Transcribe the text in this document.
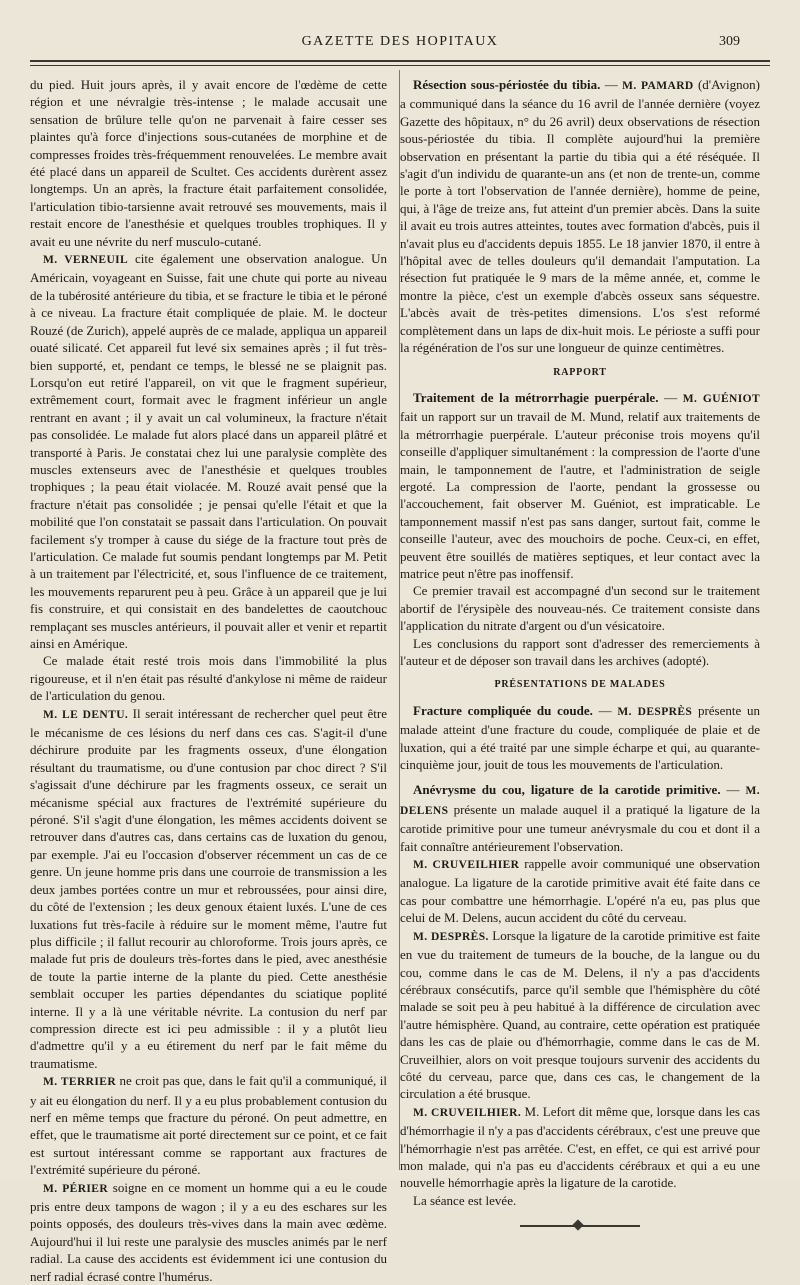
GAZETTE DES HOPITAUX	309

du pied. Huit jours après, il y avait encore de l'œdème de cette région et une névralgie très-intense ; le malade accusait une sensation de brûlure telle qu'on ne parvenait à faire cesser ses plaintes qu'à force d'injections sous-cutanées de morphine et de compresses froides très-fréquemment renouvelées. Le membre avait été placé dans un appareil de Scultet. Ces accidents durèrent assez longtemps. Un an après, la fracture était parfaitement consolidée, l'articulation tibio-tarsienne avait retrouvé ses mouvements, mais il restait encore de l'anesthésie et quelques troubles trophiques. Il y avait eu une névrite du nerf musculo-cutané.

M. VERNEUIL cite également une observation analogue. Un Américain, voyageant en Suisse, fait une chute qui porte au niveau de la tubérosité antérieure du tibia, et se fracture le tibia et le péroné à ce niveau. La fracture était compliquée de plaie. M. le docteur Rouzé (de Zurich), appelé auprès de ce malade, appliqua un appareil ouaté silicaté. Cet appareil fut levé six semaines après ; il fut très-bien supporté, et, pendant ce temps, le blessé ne se plaignit pas. Lorsqu'on eut retiré l'appareil, on vit que le fragment supérieur, extrêmement court, formait avec le fragment inférieur un angle rentrant en avant ; il y avait un cal volumineux, la fracture n'était pas consolidée. Le malade fut alors placé dans un appareil plâtré et transporté à Paris. Je constatai chez lui une paralysie complète des muscles extenseurs avec de l'anesthésie et quelques troubles trophiques ; la peau était violacée. M. Rouzé avait pensé que la fracture n'était pas consolidée ; je pensai qu'elle l'était et que la mobilité que l'on constatait se passait dans l'articulation. On pouvait facilement s'y tromper à cause du siége de la fracture tout près de l'articulation. Ce malade fut soumis pendant longtemps par M. Petit à un traitement par l'électricité, et, sous l'influence de ce traitement, les mouvements reparurent peu à peu. Grâce à un appareil que je lui fis construire, et qui consistait en des bandelettes de caoutchouc remplaçant ses muscles antérieurs, il pouvait aller et venir et repartit ainsi en Amérique.

Ce malade était resté trois mois dans l'immobilité la plus rigoureuse, et il n'en était pas résulté d'ankylose ni même de raideur de l'articulation du genou.

M. LE DENTU. Il serait intéressant de rechercher quel peut être le mécanisme de ces lésions du nerf dans ces cas. S'agit-il d'une déchirure produite par les fragments osseux, d'une élongation résultant du traumatisme, ou d'une contusion par choc direct ? S'il s'agissait d'une déchirure par les fragments osseux, ce serait un mécanisme spécial aux fractures de l'extrémité supérieure du péroné. S'il s'agit d'une élongation, les mêmes accidents doivent se retrouver dans d'autres cas, dans certains cas de luxation du genou, par exemple. J'ai eu l'occasion d'observer récemment un cas de ce genre. Un jeune homme pris dans une courroie de transmission a les deux jambes portées contre un mur et rebroussées, pour ainsi dire, du côté de l'extension ; les deux genoux étaient luxés. L'une de ces luxations fut très-facile à réduire sur le moment même, l'autre fut plus difficile ; il fallut recourir au chloroforme. Trois jours après, ce malade fut pris de douleurs très-fortes dans le pied, avec anesthésie de toute la partie interne de la plante du pied. Cette anesthésie semblait occuper les parties dépendantes du sciatique poplité interne. Il y a là une véritable névrite. La contusion du nerf par compression directe est ici peu admissible : il y a plutôt lieu d'admettre qu'il y a eu étirement du nerf par le fait même du traumatisme.

M. TERRIER ne croit pas que, dans le fait qu'il a communiqué, il y ait eu élongation du nerf. Il y a eu plus probablement contusion du nerf en même temps que fracture du péroné. On peut admettre, en effet, que le traumatisme ait porté directement sur ce point, et ce fait est surtout intéressant comme se rapportant aux fractures de l'extrémité supérieure du péroné.

M. PÉRIER soigne en ce moment un homme qui a eu le coude pris entre deux tampons de wagon ; il y a eu des eschares sur les points opposés, des douleurs très-vives dans la main avec œdème. Aujourd'hui il lui reste une paralysie des muscles animés par le nerf radial. La cause des accidents est évidemment ici une contusion du nerf radial écrasé contre l'humérus.

Résection sous-périostée du tibia. — M. PAMARD (d'Avignon) a communiqué dans la séance du 16 avril de l'année dernière (voyez Gazette des hôpitaux, n° du 26 avril) deux observations de résection sous-périostée du tibia. Il complète aujourd'hui la première observation en présentant la partie du tibia qui a été réséquée. Il s'agit d'un individu de quarante-un ans (et non de trente-un, comme le porte à tort l'observation de l'année dernière), homme de peine, qui, à l'âge de treize ans, fut atteint d'un premier abcès. Dans la suite il avait eu trois autres atteintes, toutes avec formation d'abcès, puis il n'avait plus eu d'accidents depuis 1855. Le 18 janvier 1870, il entre à l'hôpital avec de telles douleurs qu'il demandait l'amputation. La résection fut pratiquée le 9 mars de la même année, et, comme le montre la pièce, c'est un exemple d'abcès osseux sans séquestre. L'abcès avait de très-petites dimensions. L'os s'est reformé complètement dans un laps de dix-huit mois. Le périoste a suffi pour la régénération de l'os sur une longueur de quinze centimètres.

RAPPORT

Traitement de la métrorrhagie puerpérale. — M. GUÉNIOT fait un rapport sur un travail de M. Mund, relatif aux traitements de la métrorrhagie puerpérale. L'auteur préconise trois moyens qu'il conseille d'appliquer simultanément : la compression de l'aorte d'une main, le tamponnement de l'autre, et l'administration de seigle ergoté. La compression de l'aorte, pendant la grossesse ou l'accouchement, fait observer M. Guéniot, est impraticable. Le tamponnement massif n'est pas sans danger, surtout fait, comme le conseille l'auteur, avec des mouchoirs de poche. Ceux-ci, en effet, peuvent être souillés de matières septiques, et leur contact avec la matrice peut n'être pas inoffensif.

Ce premier travail est accompagné d'un second sur le traitement abortif de l'érysipèle des nouveau-nés. Ce traitement consiste dans l'application du nitrate d'argent ou d'un vésicatoire.

Les conclusions du rapport sont d'adresser des remerciements à l'auteur et de déposer son travail dans les archives (adopté).

PRÉSENTATIONS DE MALADES

Fracture compliquée du coude. — M. DESPRÈS présente un malade atteint d'une fracture du coude, compliquée de plaie et de luxation, qui a été traité par une simple écharpe et qui, au quarante-cinquième jour, jouit de tous les mouvements de l'articulation.

Anévrysme du cou, ligature de la carotide primitive. — M. DELENS présente un malade auquel il a pratiqué la ligature de la carotide primitive pour une tumeur anévrysmale du cou et dont il a fait connaître antérieurement l'observation.

M. CRUVEILHIER rappelle avoir communiqué une observation analogue. La ligature de la carotide primitive avait été faite dans ce cas pour combattre une hémorrhagie. L'opéré n'a eu, pas plus que celui de M. Delens, aucun accident du côté du cerveau.

M. DESPRÈS. Lorsque la ligature de la carotide primitive est faite en vue du traitement de tumeurs de la bouche, de la langue ou du cou, comme dans le cas de M. Delens, il n'y a pas d'accidents cérébraux consécutifs, parce qu'il semble que l'hémisphère du côté malade se soit peu à peu habitué à la différence de circulation avec l'autre hémisphère. Quand, au contraire, cette opération est pratiquée dans les cas de plaie ou d'hémorrhagie, comme dans le cas de M. Cruveilhier, alors on voit presque toujours survenir des accidents du côté du cerveau, parce que, dans ces cas, le changement de la circulation a été brusque.

M. CRUVEILHIER. M. Lefort dit même que, lorsque dans les cas d'hémorrhagie il n'y a pas d'accidents cérébraux, c'est une preuve que l'hémorrhagie n'est pas arrêtée. C'est, en effet, ce qui est arrivé pour mon malade, qui n'a pas eu d'accidents cérébraux et qui a eu une nouvelle hémorrhagie après la ligature de la carotide.

La séance est levée.
